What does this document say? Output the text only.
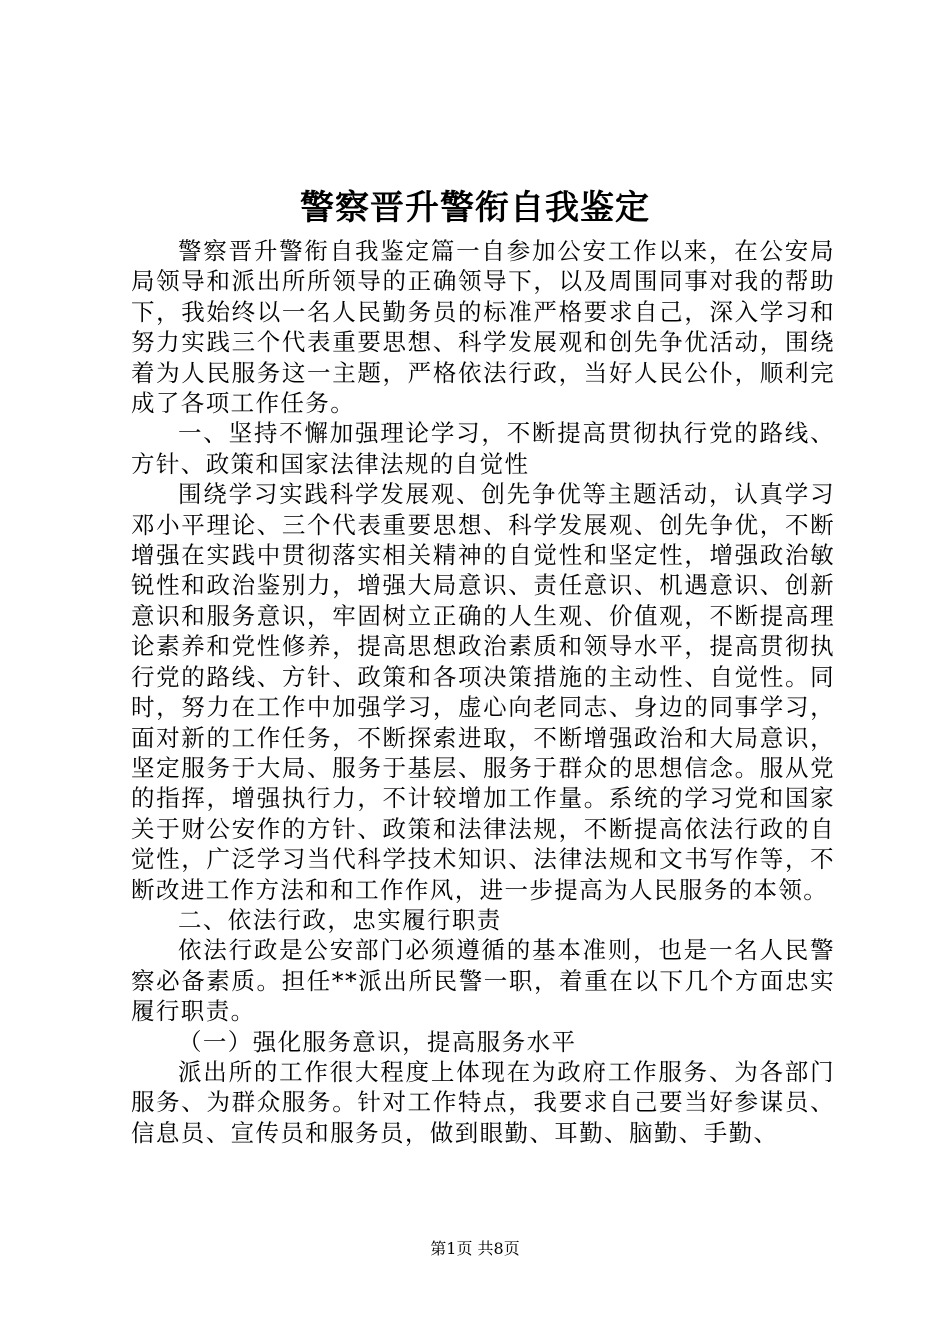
警察晋升警衔自我鉴定

警察晋升警衔自我鉴定篇一自参加公安工作以来，在公安局局领导和派出所所领导的正确领导下，以及周围同事对我的帮助下，我始终以一名人民勤务员的标准严格要求自己，深入学习和努力实践三个代表重要思想、科学发展观和创先争优活动，围绕着为人民服务这一主题，严格依法行政，当好人民公仆，顺利完成了各项工作任务。

一、坚持不懈加强理论学习，不断提高贯彻执行党的路线、方针、政策和国家法律法规的自觉性

围绕学习实践科学发展观、创先争优等主题活动，认真学习邓小平理论、三个代表重要思想、科学发展观、创先争优，不断增强在实践中贯彻落实相关精神的自觉性和坚定性，增强政治敏锐性和政治鉴别力，增强大局意识、责任意识、机遇意识、创新意识和服务意识，牢固树立正确的人生观、价值观，不断提高理论素养和党性修养，提高思想政治素质和领导水平，提高贯彻执行党的路线、方针、政策和各项决策措施的主动性、自觉性。同时，努力在工作中加强学习，虚心向老同志、身边的同事学习，面对新的工作任务，不断探索进取，不断增强政治和大局意识，坚定服务于大局、服务于基层、服务于群众的思想信念。服从党的指挥，增强执行力，不计较增加工作量。系统的学习党和国家关于财公安作的方针、政策和法律法规，不断提高依法行政的自觉性，广泛学习当代科学技术知识、法律法规和文书写作等，不断改进工作方法和和工作作风，进一步提高为人民服务的本领。

二、依法行政，忠实履行职责

依法行政是公安部门必须遵循的基本准则，也是一名人民警察必备素质。担任**派出所民警一职，着重在以下几个方面忠实履行职责。

（一）强化服务意识，提高服务水平

派出所的工作很大程度上体现在为政府工作服务、为各部门服务、为群众服务。针对工作特点，我要求自己要当好参谋员、信息员、宣传员和服务员，做到眼勤、耳勤、脑勤、手勤、

第1页 共8页
